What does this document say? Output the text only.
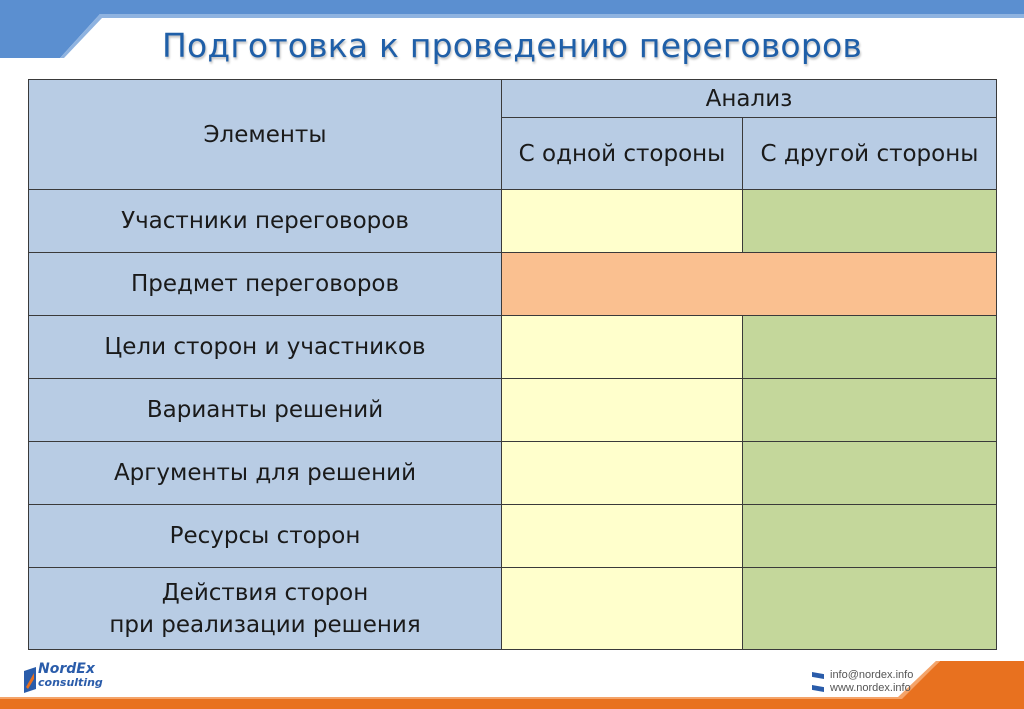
Подготовка к проведению переговоров
Элементы	Анализ	
	С одной стороны	С другой стороны
Участники переговоров		
Предмет переговоров		
Цели сторон и участников		
Варианты решений		
Аргументы для решений		
Ресурсы сторон		

Действия сторон
при реализации решения		

NordEx
consulting
info@nordex.info
www.nordex.info
